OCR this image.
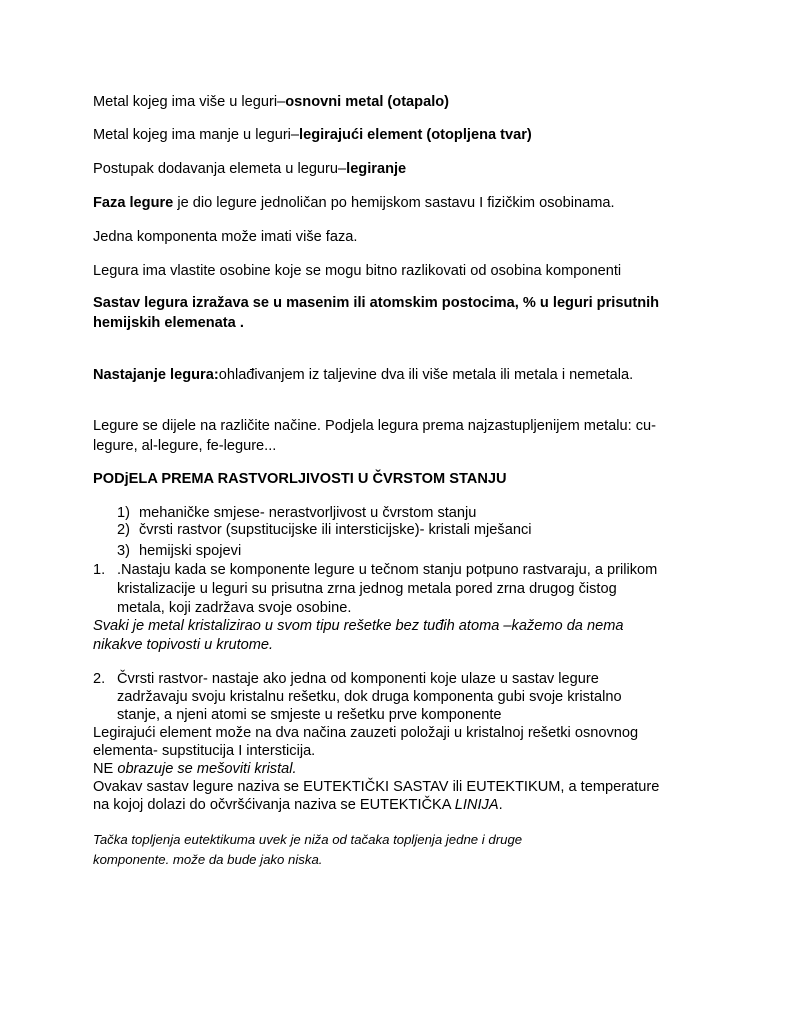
Metal kojeg ima više u leguri–osnovni metal (otapalo)
Metal kojeg ima manje u leguri–legirajući element (otopljena tvar)
Postupak dodavanja elemeta u leguru–legiranje
Faza legure je dio legure jednoličan po hemijskom sastavu I fizičkim osobinama.
Jedna komponenta može imati više faza.
Legura ima vlastite osobine koje se mogu bitno razlikovati od osobina komponenti
Sastav legura izražava se u masenim ili atomskim postocima, % u leguri prisutnih
hemijskih elemenata .
Nastajanje legura:ohlađivanjem iz taljevine dva ili više metala ili metala i nemetala.
Legure se dijele na različite načine. Podjela legura prema najzastupljenijem metalu: cu-
legure, al-legure, fe-legure...
PODjELA PREMA RASTVORLJIVOSTI U ČVRSTOM STANJU
1) mehaničke smjese- nerastvorljivost u čvrstom stanju
2) čvrsti rastvor (supstitucijske ili intersticijske)- kristali mješanci
3) hemijski spojevi
1. .Nastaju kada se komponente legure u tečnom stanju potpuno rastvaraju, a prilikom
kristalizacije u leguri su prisutna zrna jednog metala pored zrna drugog čistog
metala, koji zadržava svoje osobine.
Svaki je metal kristalizirao u svom tipu rešetke bez tuđih atoma –kažemo da nema
nikakve topivosti u krutome.
2. Čvrsti rastvor- nastaje ako jedna od komponenti koje ulaze u sastav legure
zadržavaju svoju kristalnu rešetku, dok druga komponenta gubi svoje kristalno
stanje, a njeni atomi se smjeste u rešetku prve komponente
Legirajući element može na dva načina zauzeti položaji u kristalnoj rešetki osnovnog
elementa- supstitucija I intersticija.
NE obrazuje se mešoviti kristal.
Ovakav sastav legure naziva se EUTEKTIČKI SASTAV ili EUTEKTIKUM, a temperature
na kojoj dolazi do očvršćivanja naziva se EUTEKTIČKA LINIJA.
Tačka topljenja eutektikuma uvek je niža od tačaka topljenja jedne i druge
komponente. može da bude jako niska.
